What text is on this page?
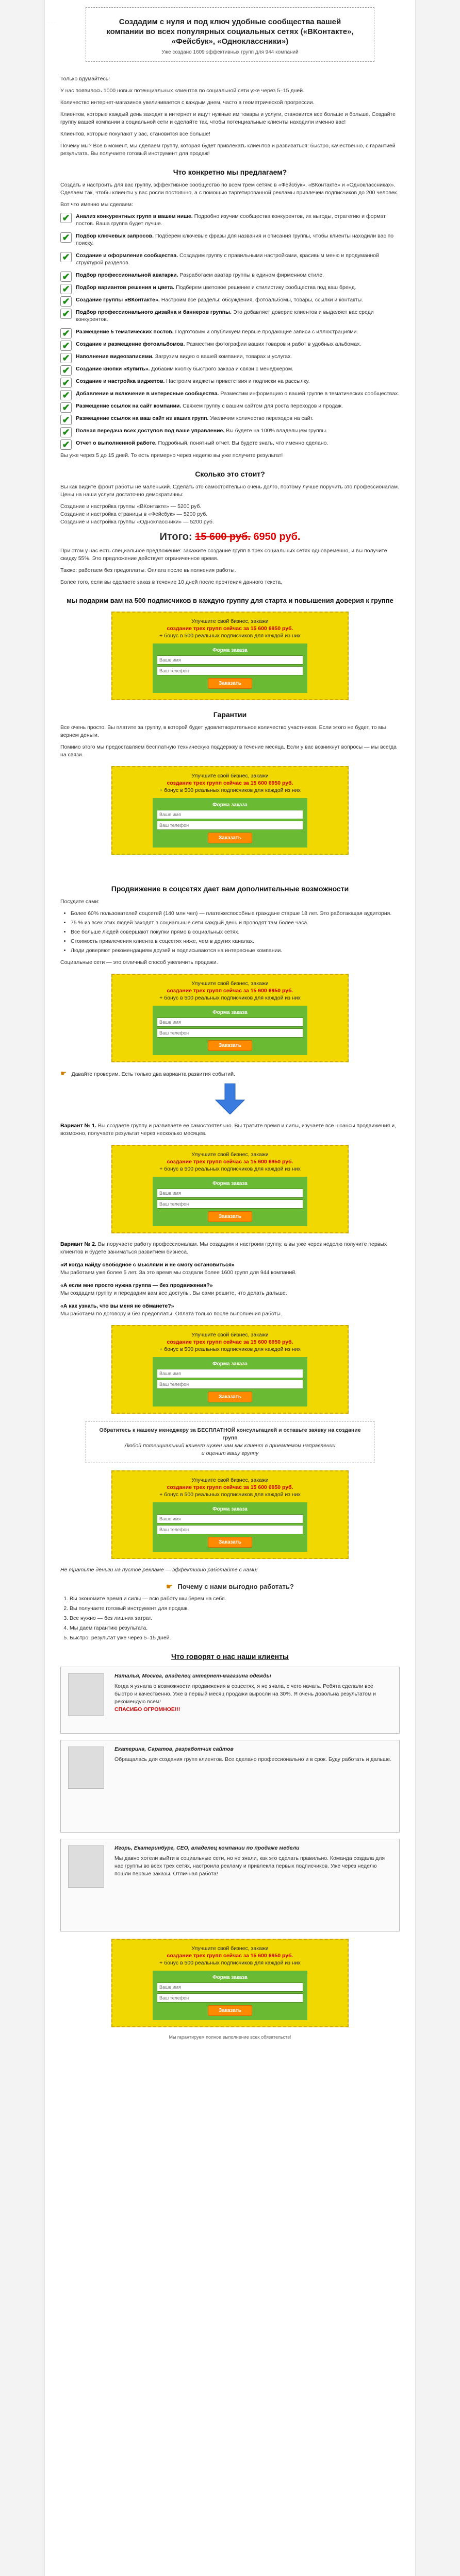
· · ·	Создадим с нуля и под ключ удобные сообщества вашей компании во всех популярных социальных сетях («ВКонтакте», «Фейсбук», «Одноклассники»)
Уже создано 1609 эффективных групп для 944 компаний
Только вдумайтесь!
У нас появилось 1000 новых потенциальных клиентов по социальной сети уже через 5–15 дней.
Количество интернет-магазинов увеличивается с каждым днем, часто в геометрической прогрессии.
Клиентов, которые каждый день заходят в интернет и ищут нужные им товары и услуги, становится все больше и больше. Создайте группу вашей компании в социальной сети и сделайте так, чтобы потенциальные клиенты находили именно вас!
Клиентов, которые покупают у вас, становится все больше!
Почему мы? Все в момент, мы сделаем группу, которая будет привлекать клиентов и развиваться: быстро, качественно, с гарантией результата. Вы получаете готовый инструмент для продаж!
Что конкретно мы предлагаем?
Создать и настроить для вас группу, эффективное сообщество по всем трем сетям: в «Фейсбук», «ВКонтакте» и «Одноклассниках». Сделаем так, чтобы клиенты у вас росли постоянно, а с помощью таргетированной рекламы привлечем подписчиков до 200 человек.
Вот что именно мы сделаем:
✔	Анализ конкурентных групп в вашем нише. Подробно изучим сообщества конкурентов, их выгоды, стратегию и формат постов. Ваша группа будет лучше.
✔	Подбор ключевых запросов. Подберем ключевые фразы для названия и описания группы, чтобы клиенты находили вас по поиску.
✔	Создание и оформление сообщества. Создадим группу с правильными настройками, красивым меню и продуманной структурой разделов.
✔	Подбор профессиональной аватарки. Разработаем аватар группы в едином фирменном стиле.
✔	Подбор вариантов решения и цвета. Подберем цветовое решение и стилистику сообщества под ваш бренд.
✔	Создание группы «ВКонтакте». Настроим все разделы: обсуждения, фотоальбомы, товары, ссылки и контакты.
✔	Подбор профессионального дизайна и баннеров группы. Это добавляет доверие клиентов и выделяет вас среди конкурентов.
✔	Размещение 5 тематических постов. Подготовим и опубликуем первые продающие записи с иллюстрациями.
✔	Создание и размещение фотоальбомов. Разместим фотографии ваших товаров и работ в удобных альбомах.
✔	Наполнение видеозаписями. Загрузим видео о вашей компании, товарах и услугах.
✔	Создание кнопки «Купить». Добавим кнопку быстрого заказа и связи с менеджером.
✔	Создание и настройка виджетов. Настроим виджеты приветствия и подписки на рассылку.
✔	Добавление и включение в интересные сообщества. Разместим информацию о вашей группе в тематических сообществах.
✔	Размещение ссылок на сайт компании. Свяжем группу с вашим сайтом для роста переходов и продаж.
✔	Размещение ссылок на ваш сайт из ваших групп. Увеличим количество переходов на сайт.
✔	Полная передача всех доступов под ваше управление. Вы будете на 100% владельцем группы.
✔	Отчет о выполненной работе. Подробный, понятный отчет. Вы будете знать, что именно сделано.
Вы уже через 5 до 15 дней. То есть примерно через неделю вы уже получите результат!
Сколько это стоит?
Вы как видите фронт работы не маленький. Сделать это самостоятельно очень долго, поэтому лучше поручить это профессионалам. Цены на наши услуги достаточно демократичны:
Создание и настройка группы «ВКонтакте» — 5200 руб.
Создание и настройка страницы в «Фейсбук» — 5200 руб.
Создание и настройка группы «Одноклассники» — 5200 руб.
Итого: 15 600 руб. 6950 руб.
При этом у нас есть специальное предложение: закажите создание групп в трех социальных сетях одновременно, и вы получите скидку 55%. Это предложение действует ограниченное время.
Также: работаем без предоплаты. Оплата после выполнения работы.
Более того, если вы сделаете заказ в течение 10 дней после прочтения данного текста,
мы подарим вам на 500 подписчиков в каждую группу для старта и повышения доверия к группе
Улучшите свой бизнес, закажи
создание трех групп сейчас за 15 600 6950 руб.
+ бонус в 500 реальных подписчиков для каждой из них
Форма заказа
Ваше имя
Ваш телефон Заказать
Гарантии
Все очень просто. Вы платите за группу, в которой будет удовлетворительное количество участников. Если этого не будет, то мы вернем деньги.
Помимо этого мы предоставляем бесплатную техническую поддержку в течение месяца. Если у вас возникнут вопросы — мы всегда на связи.
Улучшите свой бизнес, закажи
создание трех групп сейчас за 15 600 6950 руб.
+ бонус в 500 реальных подписчиков для каждой из них
Форма заказа
Ваше имя
Ваш телефон Заказать
Продвижение в соцсетях дает вам дополнительные возможности
Посудите сами:
• Более 60% пользователей соцсетей (140 млн чел) — платежеспособные граждане старше 18 лет. Это работающая аудитория.
• 75 % из всех этих людей заходят в социальные сети каждый день и проводят там более часа.
• Все больше людей совершают покупки прямо в социальных сетях.
• Стоимость привлечения клиента в соцсетях ниже, чем в других каналах.
• Люди доверяют рекомендациям друзей и подписываются на интересные компании.
Социальные сети — это отличный способ увеличить продажи.
Улучшите свой бизнес, закажи
создание трех групп сейчас за 15 600 6950 руб.
+ бонус в 500 реальных подписчиков для каждой из них
Форма заказа
Ваше имя
Ваш телефон Заказать
☛ Давайте проверим. Есть только два варианта развития событий.
Вариант № 1. Вы создаете группу и развиваете ее самостоятельно. Вы тратите время и силы, изучаете все нюансы продвижения и, возможно, получаете результат через несколько месяцев.
Улучшите свой бизнес, закажи
создание трех групп сейчас за 15 600 6950 руб.
+ бонус в 500 реальных подписчиков для каждой из них
Форма заказа
Ваше имя
Ваш телефон Заказать
Вариант № 2. Вы поручаете работу профессионалам. Мы создадим и настроим группу, а вы уже через неделю получите первых клиентов и будете заниматься развитием бизнеса.
«И когда найду свободное с мыслями и не смогу остановиться»
Мы работаем уже более 5 лет. За это время мы создали более 1600 групп для 944 компаний.
«А если мне просто нужна группа — без продвижения?»
Мы создадим группу и передадим вам все доступы. Вы сами решите, что делать дальше.
«А как узнать, что вы меня не обманете?»
Мы работаем по договору и без предоплаты. Оплата только после выполнения работы.
Улучшите свой бизнес, закажи
создание трех групп сейчас за 15 600 6950 руб.
+ бонус в 500 реальных подписчиков для каждой из них
Форма заказа
Ваше имя
Ваш телефон Заказать
Обратитесь к нашему менеджеру за БЕСПЛАТНОЙ консультацией и оставьте заявку на создание групп
Любой потенциальный клиент нужен нам как клиент в приемлемом направлении
и оценит вашу группу
Улучшите свой бизнес, закажи
создание трех групп сейчас за 15 600 6950 руб.
+ бонус в 500 реальных подписчиков для каждой из них
Форма заказа
Ваше имя
Ваш телефон Заказать
Не тратьте деньги на пустое рекламе — эффективно работайте с нами!
☛ Почему с нами выгодно работать?
1. Вы экономите время и силы — всю работу мы берем на себя.
2. Вы получаете готовый инструмент для продаж.
3. Все нужно — без лишних затрат.
4. Мы даем гарантию результата.
5. Быстро: результат уже через 5–15 дней.
Что говорят о нас наши клиенты
Наталья, Москва, владелец интернет-магазина одежды
Когда я узнала о возможности продвижения в соцсетях, я не знала, с чего начать. Ребята сделали все быстро и качественно. Уже в первый месяц продажи выросли на 30%. Я очень довольна результатом и рекомендую всем!
СПАСИБО ОГРОМНОЕ!!!
Екатерина, Саратов, разработчик сайтов
Обращалась для создания групп клиентов. Все сделано профессионально и в срок. Буду работать и дальше.
Игорь, Екатеринбург, CEO, владелец компании по продаже мебели
Мы давно хотели выйти в социальные сети, но не знали, как это сделать правильно. Команда создала для нас группы во всех трех сетях, настроила рекламу и привлекла первых подписчиков. Уже через неделю пошли первые заказы. Отличная работа!
Улучшите свой бизнес, закажи
создание трех групп сейчас за 15 600 6950 руб.
+ бонус в 500 реальных подписчиков для каждой из них
Форма заказа
Ваше имя
Ваш телефон Заказать
Мы гарантируем полное выполнение всех обязательств!
